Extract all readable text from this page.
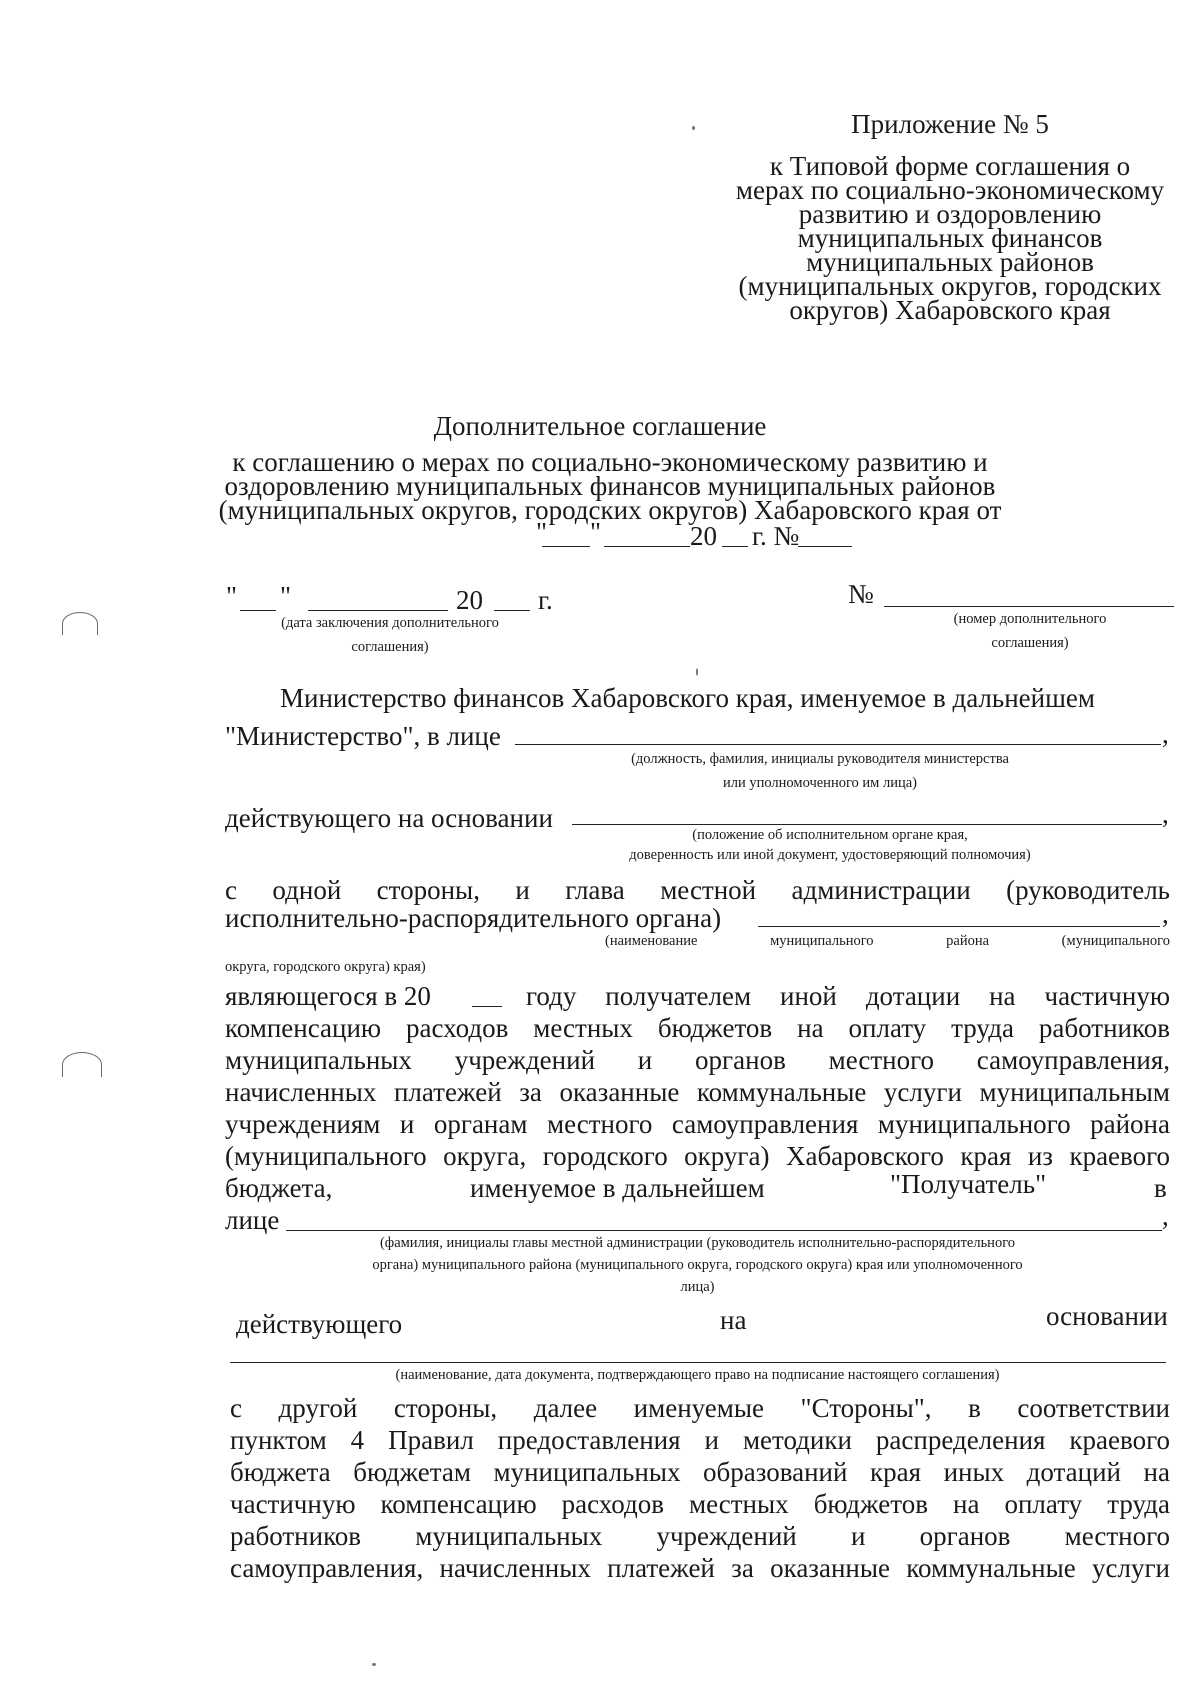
Приложение № 5
к Типовой форме соглашения о
мерах по социально-экономическому
развитию и оздоровлению
муниципальных финансов
муниципальных районов
(муниципальных округов, городских
округов) Хабаровского края
Дополнительное соглашение
к соглашению о мерах по социально-экономическому развитию и
оздоровлению муниципальных финансов муниципальных районов
(муниципальных округов, городских округов) Хабаровского края от
" "	20 г. №
" "	20 г.
(дата заключения дополнительного
соглашения)
№
(номер дополнительного
соглашения)
Министерство финансов Хабаровского края, именуемое в дальнейшем
"Министерство", в лице	,
(должность, фамилия, инициалы руководителя министерства
или уполномоченного им лица)
действующего на основании	,
(положение об исполнительном органе края,
доверенность или иной документ, удостоверяющий полномочия)
с одной стороны, и глава местной администрации (руководитель
исполнительно-распорядительного органа)	,
(наименование муниципального района (муниципального
округа, городского округа) края)
являющегося в 20	году получателем иной дотации на частичную
компенсацию расходов местных бюджетов на оплату труда работников
муниципальных учреждений и органов местного самоуправления,
начисленных платежей за оказанные коммунальные услуги муниципальным
учреждениям и органам местного самоуправления муниципального района
(муниципального округа, городского округа) Хабаровского края из краевого
бюджета,	именуемое в дальнейшем	"Получатель"	в
лице	,
(фамилия, инициалы главы местной администрации (руководитель исполнительно-распорядительного
органа) муниципального района (муниципального округа, городского округа) края или уполномоченного
лица)
действующего	на	основании
(наименование, дата документа, подтверждающего право на подписание настоящего соглашения)
с другой стороны, далее именуемые "Стороны", в соответствии
пунктом 4 Правил предоставления и методики распределения краевого
бюджета бюджетам муниципальных образований края иных дотаций на
частичную компенсацию расходов местных бюджетов на оплату труда
работников муниципальных учреждений и органов местного
самоуправления, начисленных платежей за оказанные коммунальные услуги
